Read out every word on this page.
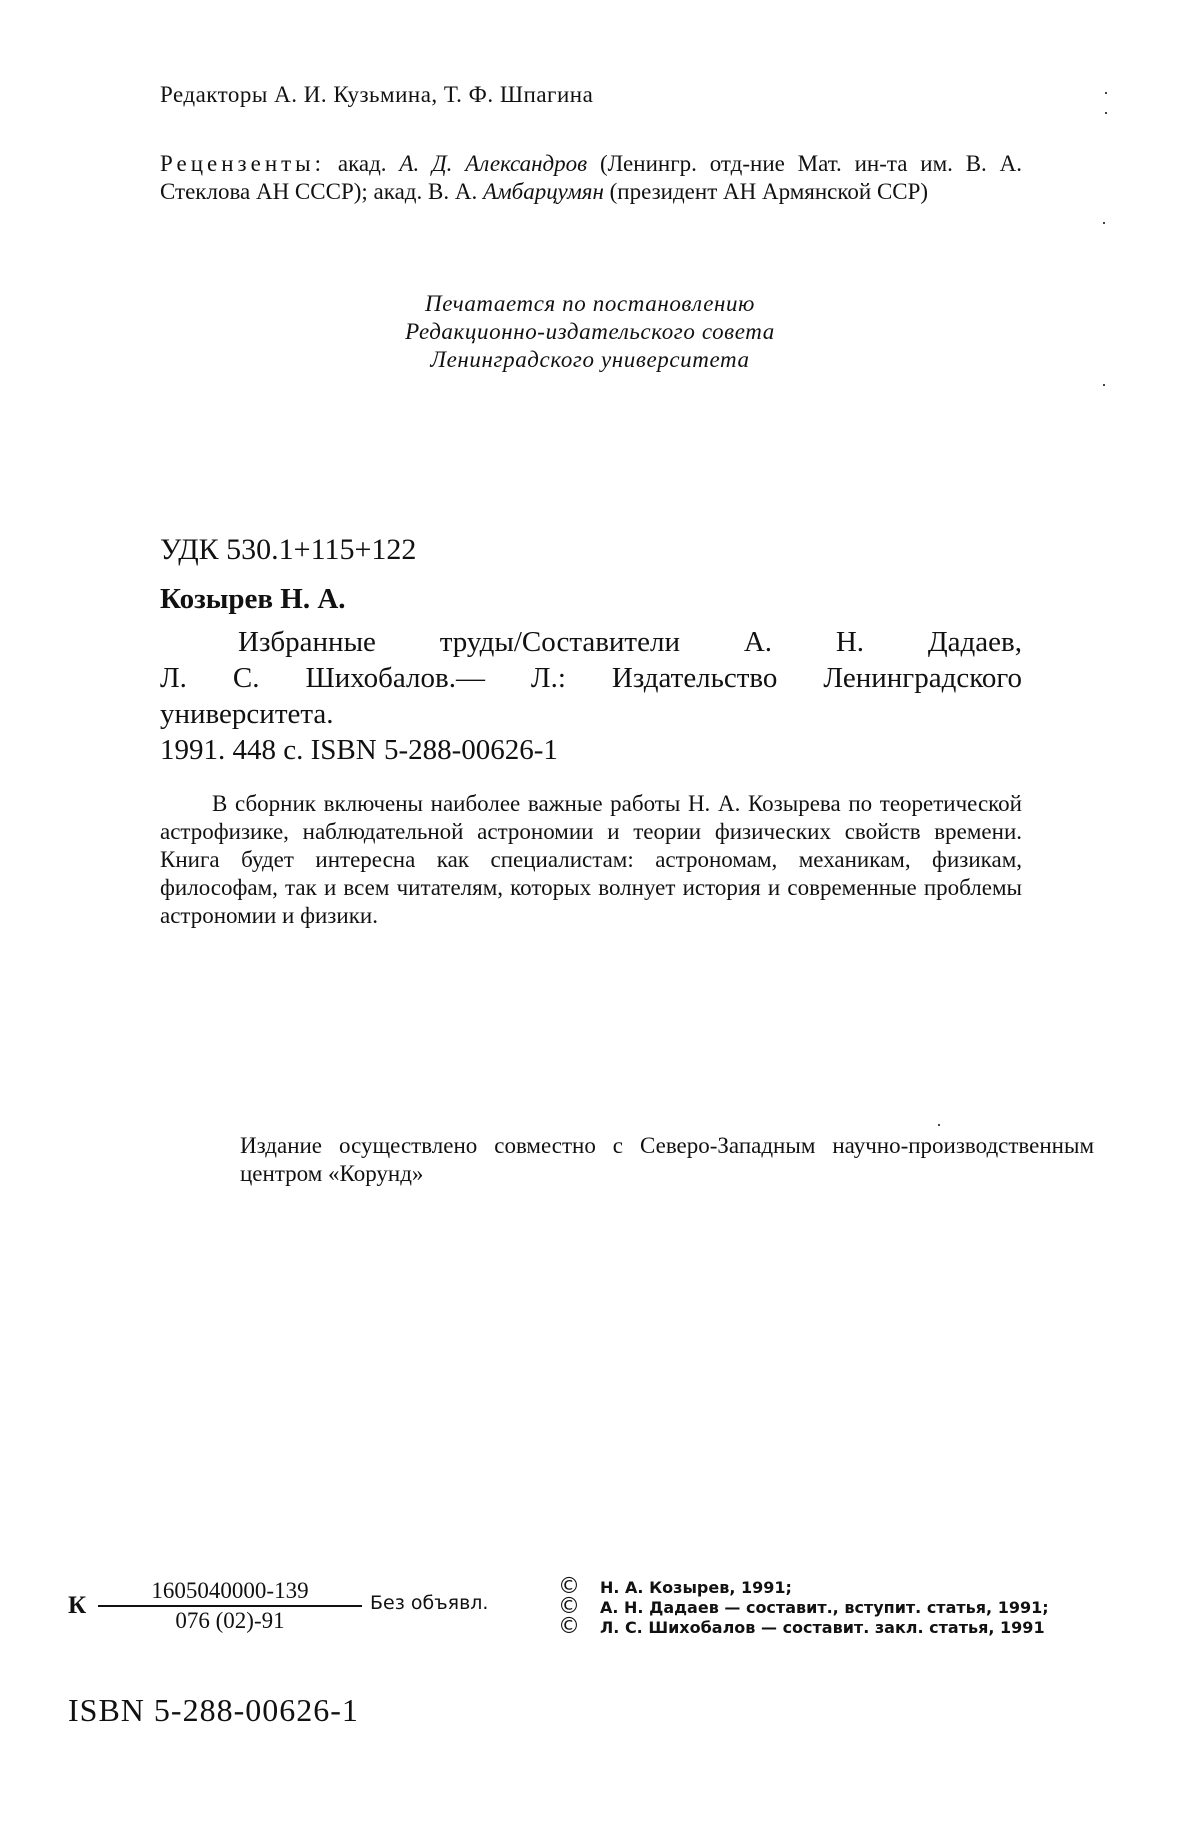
Редакторы А. И. Кузьмина, Т. Ф. Шпагина
Рецензенты: акад. А. Д. Александров (Ленингр. отд-ние Мат. ин-та им. В. А. Стеклова АН СССР); акад. В. А. Амбарцумян (президент АН Армянской ССР)
Печатается по постановлению
Редакционно-издательского совета
Ленинградского университета
УДК 530.1+115+122
Козырев Н. А.

Избранные труды/Составители А. Н. Дадаев,

Л. С. Шихобалов.— Л.: Издательство Ленинградского

университета.

1991. 448 с. ISBN 5-288-00626-1

В сборник включены наиболее важные работы Н. А. Козырева по теоретической астрофизике, наблюдательной астрономии и теории физических свойств времени. Книга будет интересна как специалистам: астрономам, механикам, физикам, философам, так и всем читателям, которых волнует история и современные проблемы астрономии и физики.

Издание осуществлено совместно с Северо-Западным научно-производственным центром «Корунд»
К $\frac{1605040000-139}{076 (02)-91}$ Без объявл.
© Н. А. Козырев, 1991;
© А. Н. Дадаев — составит., вступит. статья, 1991;
© Л. С. Шихобалов — составит. закл. статья, 1991
ISBN 5-288-00626-1
